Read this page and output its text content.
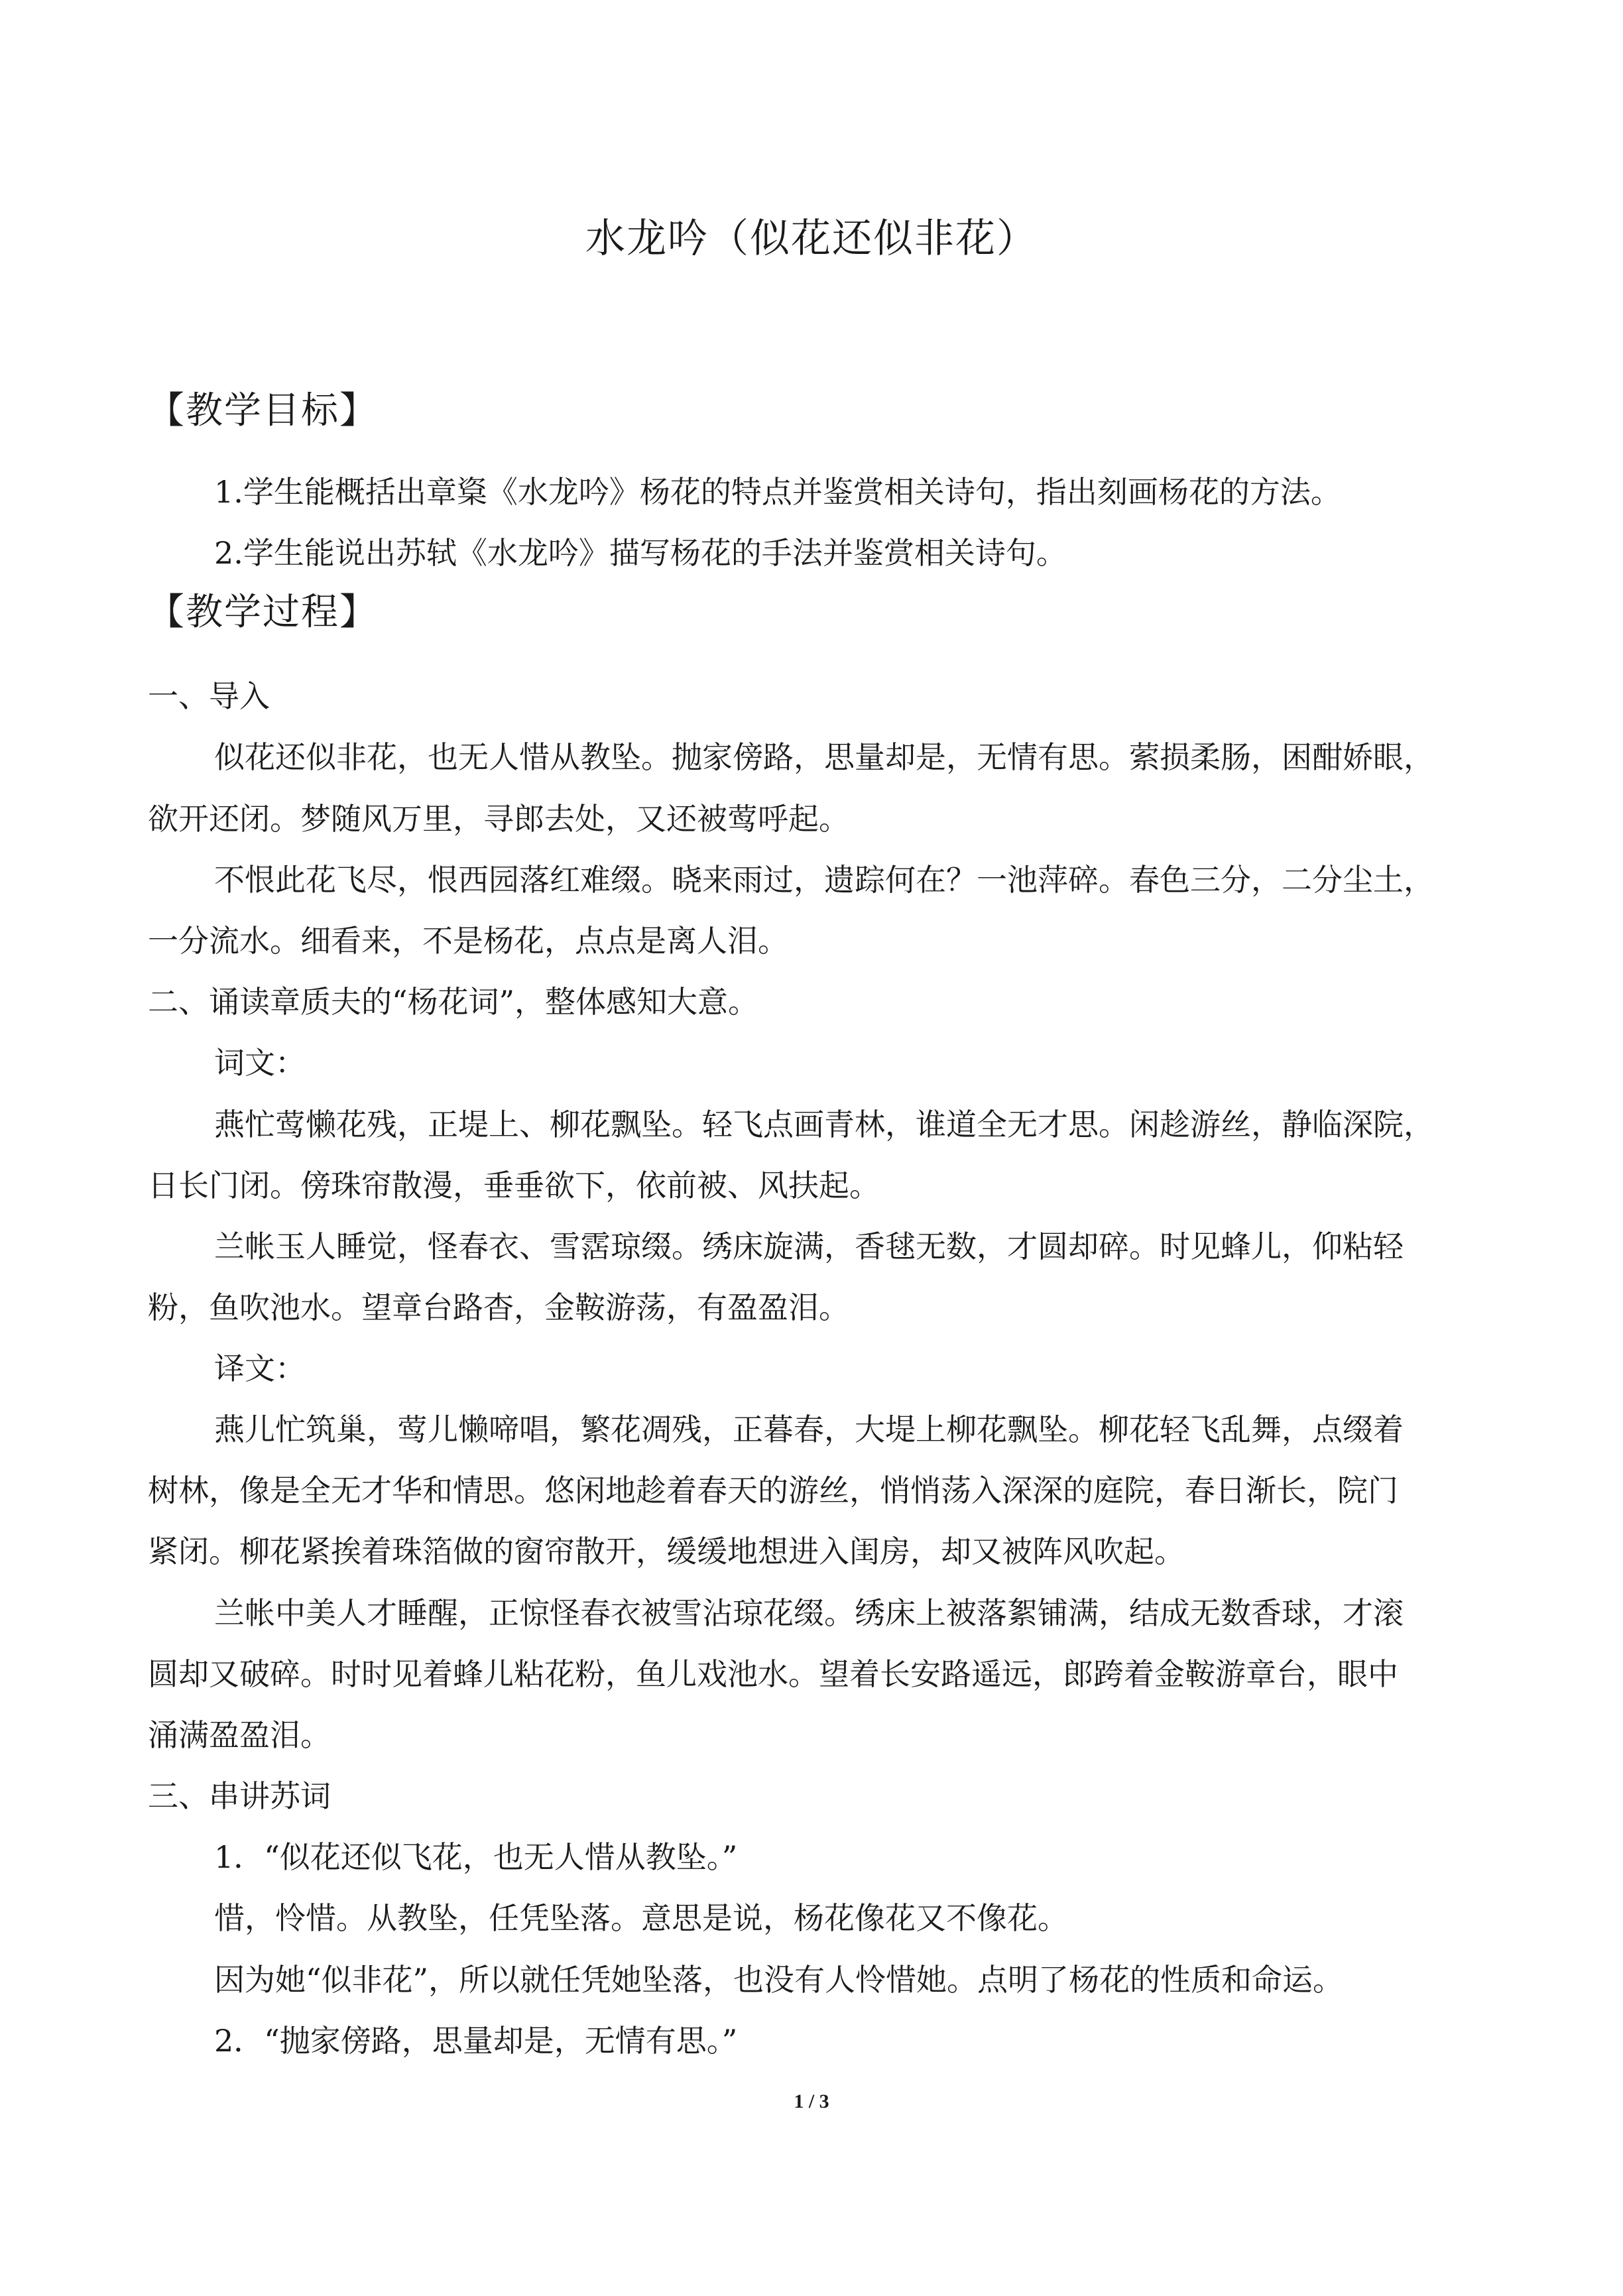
水龙吟（似花还似非花）
【教学目标】
1.学生能概括出章楶《水龙吟》杨花的特点并鉴赏相关诗句，指出刻画杨花的方法。
2.学生能说出苏轼《水龙吟》描写杨花的手法并鉴赏相关诗句。
【教学过程】
一、导入
似花还似非花，也无人惜从教坠。抛家傍路，思量却是，无情有思。萦损柔肠，困酣娇眼，
欲开还闭。梦随风万里，寻郎去处，又还被莺呼起。
不恨此花飞尽，恨西园落红难缀。晓来雨过，遗踪何在？一池萍碎。春色三分，二分尘土，
一分流水。细看来，不是杨花，点点是离人泪。
二、诵读章质夫的“杨花词”，整体感知大意。
词文：
燕忙莺懒花残，正堤上、柳花飘坠。轻飞点画青林，谁道全无才思。闲趁游丝，静临深院，
日长门闭。傍珠帘散漫，垂垂欲下，依前被、风扶起。
兰帐玉人睡觉，怪春衣、雪霑琼缀。绣床旋满，香毬无数，才圆却碎。时见蜂儿，仰粘轻
粉，鱼吹池水。望章台路杳，金鞍游荡，有盈盈泪。
译文：
燕儿忙筑巢，莺儿懒啼唱，繁花凋残，正暮春，大堤上柳花飘坠。柳花轻飞乱舞，点缀着
树林，像是全无才华和情思。悠闲地趁着春天的游丝，悄悄荡入深深的庭院，春日渐长，院门
紧闭。柳花紧挨着珠箔做的窗帘散开，缓缓地想进入闺房，却又被阵风吹起。
兰帐中美人才睡醒，正惊怪春衣被雪沾琼花缀。绣床上被落絮铺满，结成无数香球，才滚
圆却又破碎。时时见着蜂儿粘花粉，鱼儿戏池水。望着长安路遥远，郎跨着金鞍游章台，眼中
涌满盈盈泪。
三、串讲苏词
1．“似花还似飞花，也无人惜从教坠。”
惜，怜惜。从教坠，任凭坠落。意思是说，杨花像花又不像花。
因为她“似非花”，所以就任凭她坠落，也没有人怜惜她。点明了杨花的性质和命运。
2．“抛家傍路，思量却是，无情有思。”
1 / 3
